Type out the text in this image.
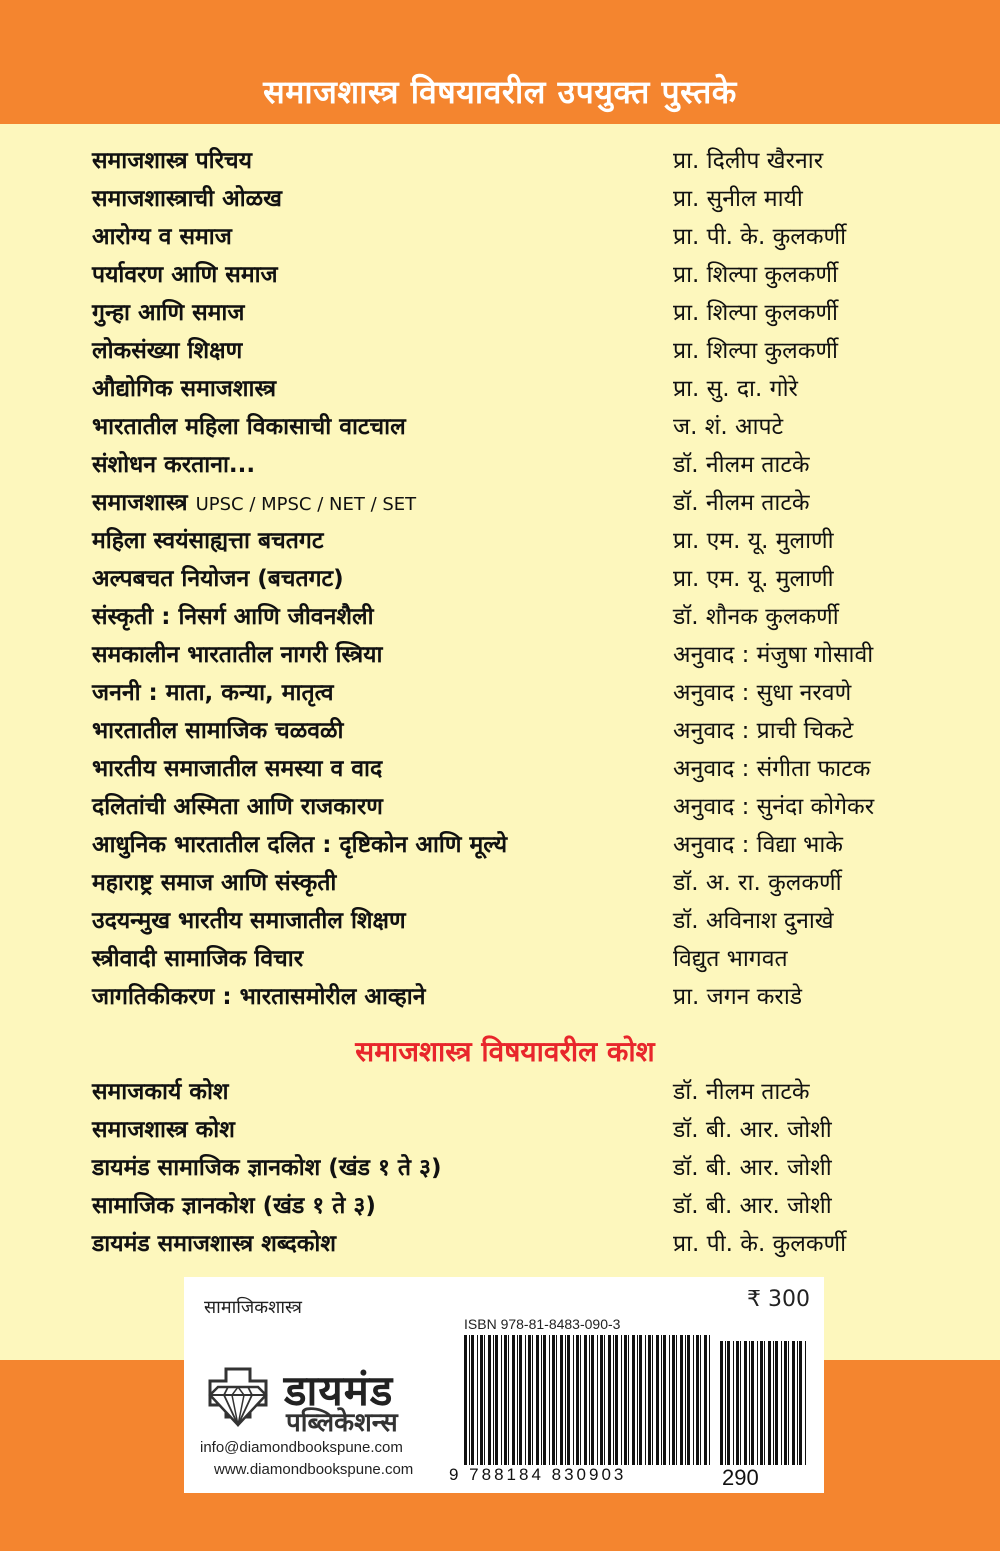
समाजशास्त्र विषयावरील उपयुक्त पुस्तके
समाजशास्त्र परिचय	प्रा. दिलीप खैरनार
समाजशास्त्राची ओळख	प्रा. सुनील मायी
आरोग्य व समाज	प्रा. पी. के. कुलकर्णी
पर्यावरण आणि समाज	प्रा. शिल्पा कुलकर्णी
गुन्हा आणि समाज	प्रा. शिल्पा कुलकर्णी
लोकसंख्या शिक्षण	प्रा. शिल्पा कुलकर्णी
औद्योगिक समाजशास्त्र	प्रा. सु. दा. गोरे
भारतातील महिला विकासाची वाटचाल	ज. शं. आपटे
संशोधन करताना...	डॉ. नीलम ताटके
समाजशास्त्र UPSC / MPSC / NET / SET	डॉ. नीलम ताटके
महिला स्वयंसाह्यत्ता बचतगट	प्रा. एम. यू. मुलाणी
अल्पबचत नियोजन (बचतगट)	प्रा. एम. यू. मुलाणी
संस्कृती : निसर्ग आणि जीवनशैली	डॉ. शौनक कुलकर्णी
समकालीन भारतातील नागरी स्त्रिया	अनुवाद : मंजुषा गोसावी
जननी : माता, कन्या, मातृत्व	अनुवाद : सुधा नरवणे
भारतातील सामाजिक चळवळी	अनुवाद : प्राची चिकटे
भारतीय समाजातील समस्या व वाद	अनुवाद : संगीता फाटक
दलितांची अस्मिता आणि राजकारण	अनुवाद : सुनंदा कोगेकर
आधुनिक भारतातील दलित : दृष्टिकोन आणि मूल्ये	अनुवाद : विद्या भाके
महाराष्ट्र समाज आणि संस्कृती	डॉ. अ. रा. कुलकर्णी
उदयन्मुख भारतीय समाजातील शिक्षण	डॉ. अविनाश दुनाखे
स्त्रीवादी सामाजिक विचार	विद्युत भागवत
जागतिकीकरण : भारतासमोरील आव्हाने	प्रा. जगन कराडे
समाजशास्त्र विषयावरील कोश
समाजकार्य कोश	डॉ. नीलम ताटके
समाजशास्त्र कोश	डॉ. बी. आर. जोशी
डायमंड सामाजिक ज्ञानकोश (खंड १ ते ३)	डॉ. बी. आर. जोशी
सामाजिक ज्ञानकोश (खंड १ ते ३)	डॉ. बी. आर. जोशी
डायमंड समाजशास्त्र शब्दकोश	प्रा. पी. के. कुलकर्णी
सामाजिकशास्त्र	₹ 300
ISBN 978-81-8483-090-3
9 788184 830903	290
डायमंड
पब्लिकेशन्स
info@diamondbookspune.com
www.diamondbookspune.com
